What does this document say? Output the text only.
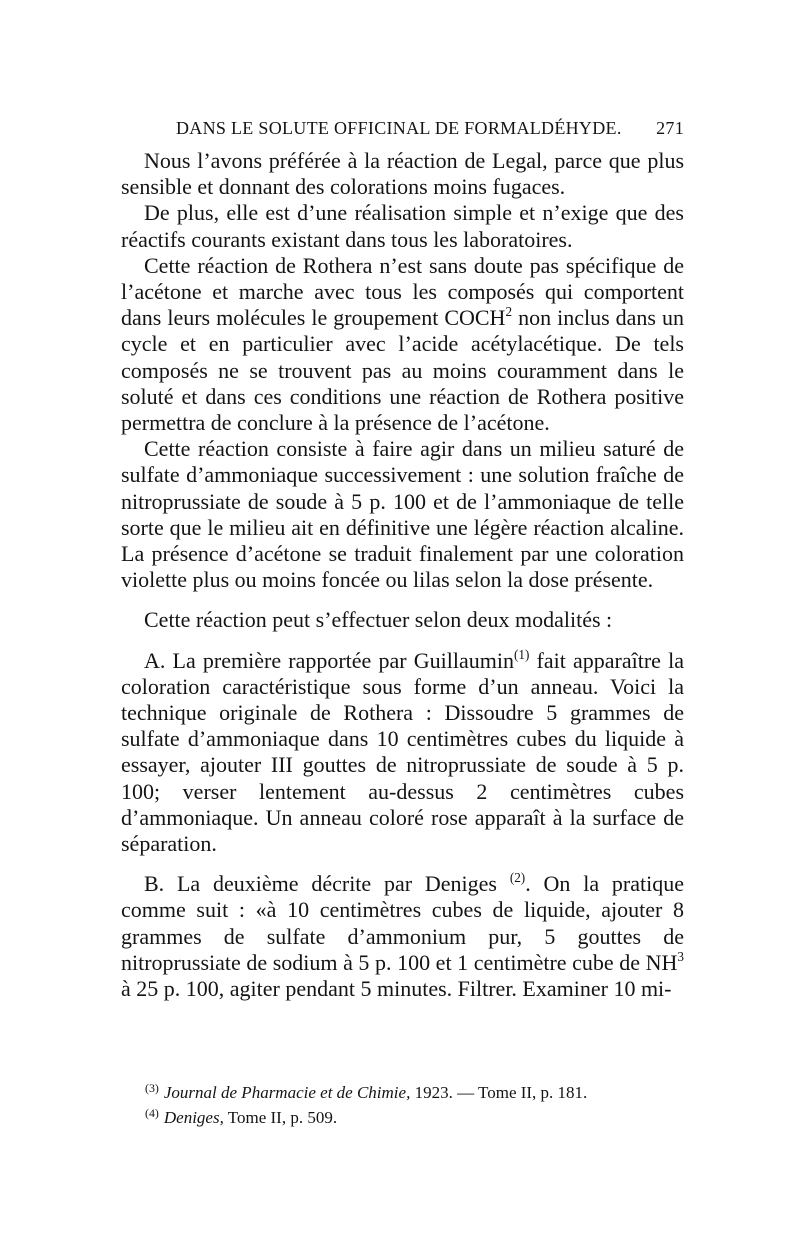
DANS LE SOLUTE OFFICINAL DE FORMALDÉHYDE. 271

Nous l’avons préférée à la réaction de Legal, parce que plus sensible et donnant des colorations moins fugaces.

De plus, elle est d’une réalisation simple et n’exige que des réactifs courants existant dans tous les laboratoires.

Cette réaction de Rothera n’est sans doute pas spécifique de l’acétone et marche avec tous les composés qui comportent dans leurs molécules le groupement COCH$^2$ non inclus dans un cycle et en particulier avec l’acide acétylacétique. De tels composés ne se trouvent pas au moins couramment dans le soluté et dans ces conditions une réaction de Rothera positive permettra de conclure à la présence de l’acétone.

Cette réaction consiste à faire agir dans un milieu saturé de sulfate d’ammoniaque successivement : une solution fraîche de nitroprussiate de soude à 5 p. 100 et de l’ammoniaque de telle sorte que le milieu ait en définitive une légère réaction alcaline. La présence d’acétone se traduit finalement par une coloration violette plus ou moins foncée ou lilas selon la dose présente.

Cette réaction peut s’effectuer selon deux modalités :

A. La première rapportée par Guillaumin$^{(1)}$ fait apparaître la coloration caractéristique sous forme d’un anneau. Voici la technique originale de Rothera : Dissoudre 5 grammes de sulfate d’ammoniaque dans 10 centimètres cubes du liquide à essayer, ajouter III gouttes de nitroprussiate de soude à 5 p. 100; verser lentement au-dessus 2 centimètres cubes d’ammoniaque. Un anneau coloré rose apparaît à la surface de séparation.

B. La deuxième décrite par Deniges $^{(2)}$. On la pratique comme suit : «à 10 centimètres cubes de liquide, ajouter 8 grammes de sulfate d’ammonium pur, 5 gouttes de nitroprussiate de sodium à 5 p. 100 et 1 centimètre cube de $NH^3$ à 25 p. 100, agiter pendant 5 minutes. Filtrer. Examiner 10 mi-

$^{(3)}$ Journal de Pharmacie et de Chimie, 1923. — Tome II, p. 181.
$^{(4)}$ Deniges, Tome II, p. 509.
